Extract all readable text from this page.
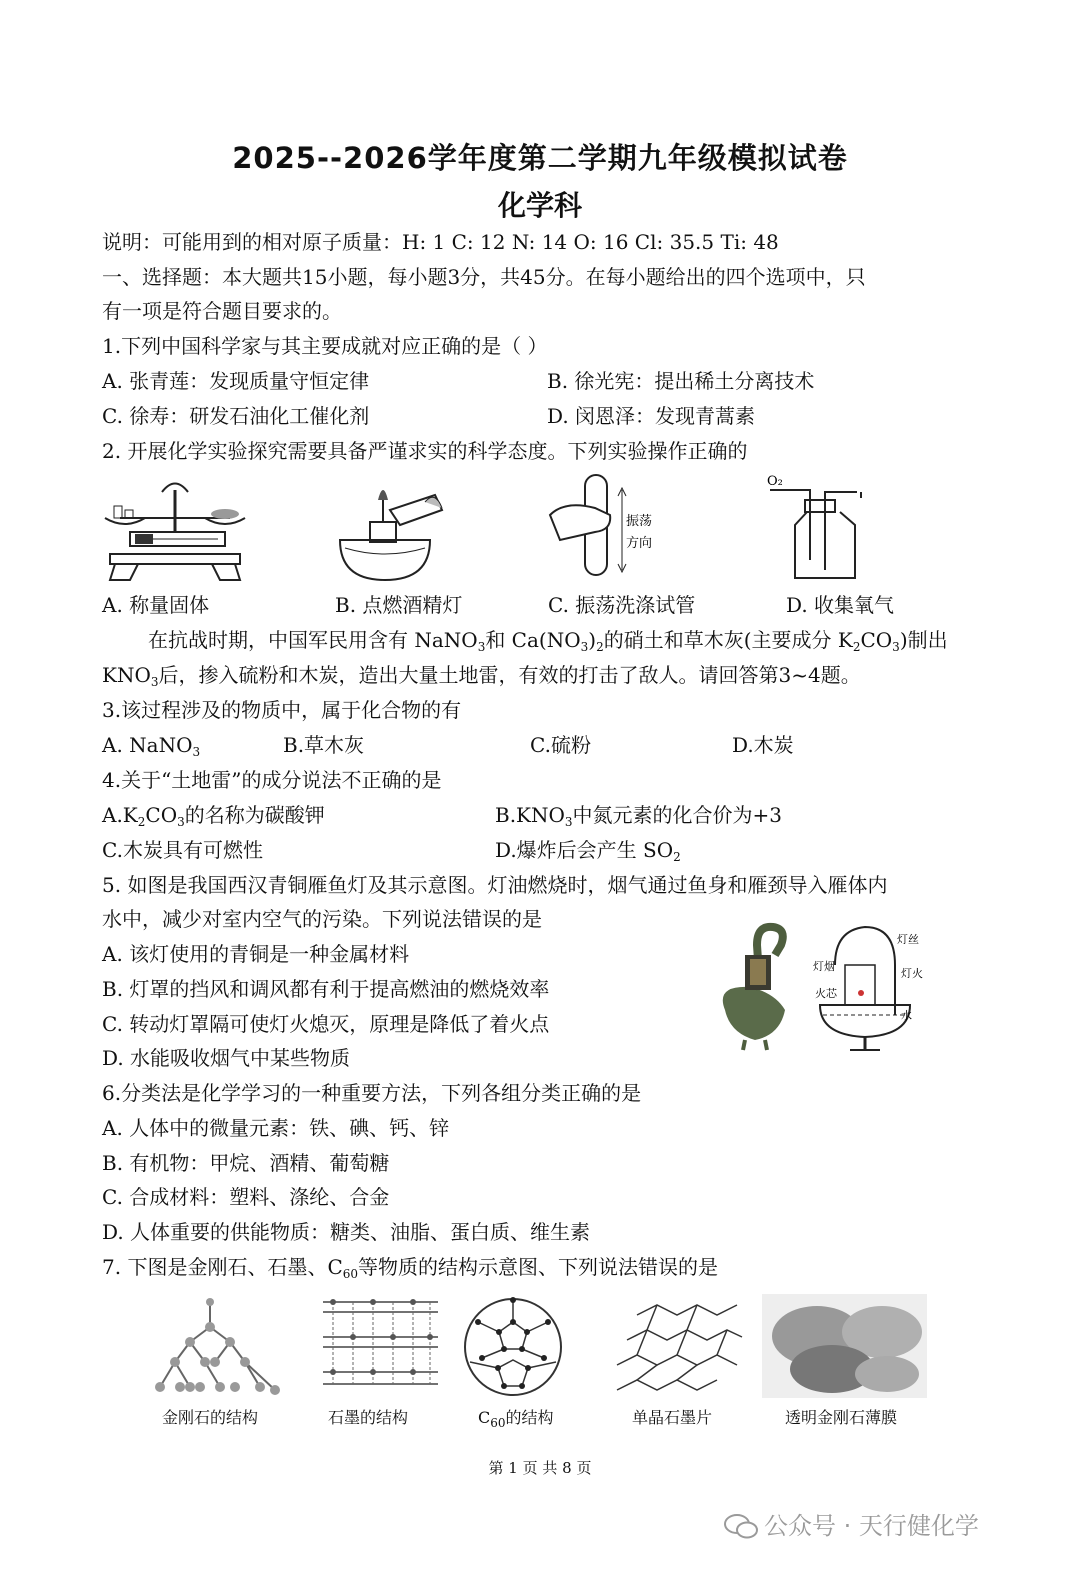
2025--2026学年度第二学期九年级模拟试卷
化学科
说明：可能用到的相对原子质量：H: 1 C: 12 N: 14 O: 16 Cl: 35.5 Ti: 48
一、选择题：本大题共15小题，每小题3分，共45分。在每小题给出的四个选项中，只
有一项是符合题目要求的。
1.下列中国科学家与其主要成就对应正确的是（ ）
A. 张青莲：发现质量守恒定律	B. 徐光宪：提出稀土分离技术
C. 徐寿：研发石油化工催化剂	D. 闵恩泽：发现青蒿素
2. 开展化学实验探究需要具备严谨求实的科学态度。下列实验操作正确的
振荡
方向
O₂
A. 称量固体	B. 点燃酒精灯	C. 振荡洗涤试管	D. 收集氧气
在抗战时期，中国军民用含有 NaNO$_3$和 $Ca(NO_3)_2$的硝土和草木灰(主要成分 $K_2CO_3$)制出
$KNO_3$后，掺入硫粉和木炭，造出大量土地雷，有效的打击了敌人。请回答第3~4题。
3.该过程涉及的物质中，属于化合物的有
A. NaNO$_3$	B.草木灰	C.硫粉	D.木炭
4.关于“土地雷”的成分说法不正确的是
$A.K_2CO_3$的名称为碳酸钾	$B.KNO_3$中氮元素的化合价为+3
C.木炭具有可燃性	D.爆炸后会产生 $SO_2$
5. 如图是我国西汉青铜雁鱼灯及其示意图。灯油燃烧时，烟气通过鱼身和雁颈导入雁体内
水中，减少对室内空气的污染。下列说法错误的是
A. 该灯使用的青铜是一种金属材料
B. 灯罩的挡风和调风都有利于提高燃油的燃烧效率
C. 转动灯罩隔可使灯火熄灭，原理是降低了着火点
D. 水能吸收烟气中某些物质
灯丝
灯烟
灯火
火芯
水
6.分类法是化学学习的一种重要方法，下列各组分类正确的是
A. 人体中的微量元素：铁、碘、钙、锌
B. 有机物：甲烷、酒精、葡萄糖
C. 合成材料：塑料、涤纶、合金
D. 人体重要的供能物质：糖类、油脂、蛋白质、维生素
7. 下图是金刚石、石墨、$C_{60}$等物质的结构示意图、下列说法错误的是
金刚石的结构	石墨的结构	$C_{60}$的结构	单晶石墨片	透明金刚石薄膜
第 1 页 共 8 页
公众号 · 天行健化学
